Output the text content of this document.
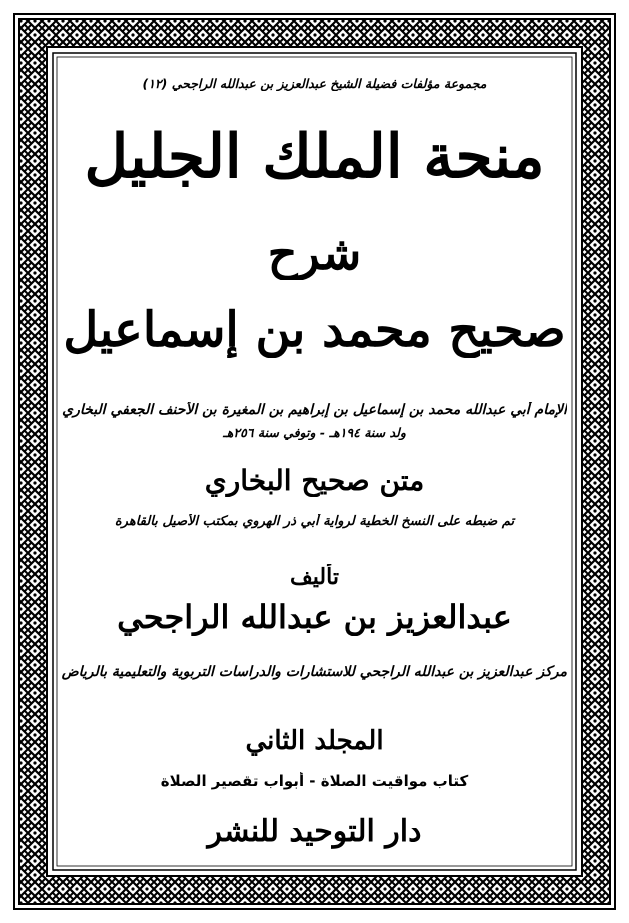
مجموعة مؤلفات فضيلة الشيخ عبدالعزيز بن عبدالله الراجحي (١٢)
منحة الملك الجليل
شرح
صحيح محمد بن إسماعيل
الإمام أبي عبدالله محمد بن إسماعيل بن إبراهيم بن المغيرة بن الأحنف الجعفي البخاري
ولد سنة ١٩٤هـ - وتوفي سنة ٢٥٦هـ
متن صحيح البخاري
تم ضبطه على النسخ الخطية لرواية أبي ذر الهروي بمكتب الأصيل بالقاهرة
تأليف
عبدالعزيز بن عبدالله الراجحي
مركز عبدالعزيز بن عبدالله الراجحي للاستشارات والدراسات التربوية والتعليمية بالرياض
المجلد الثاني
كتاب مواقيت الصلاة - أبواب تقصير الصلاة
دار التوحيد للنشر
